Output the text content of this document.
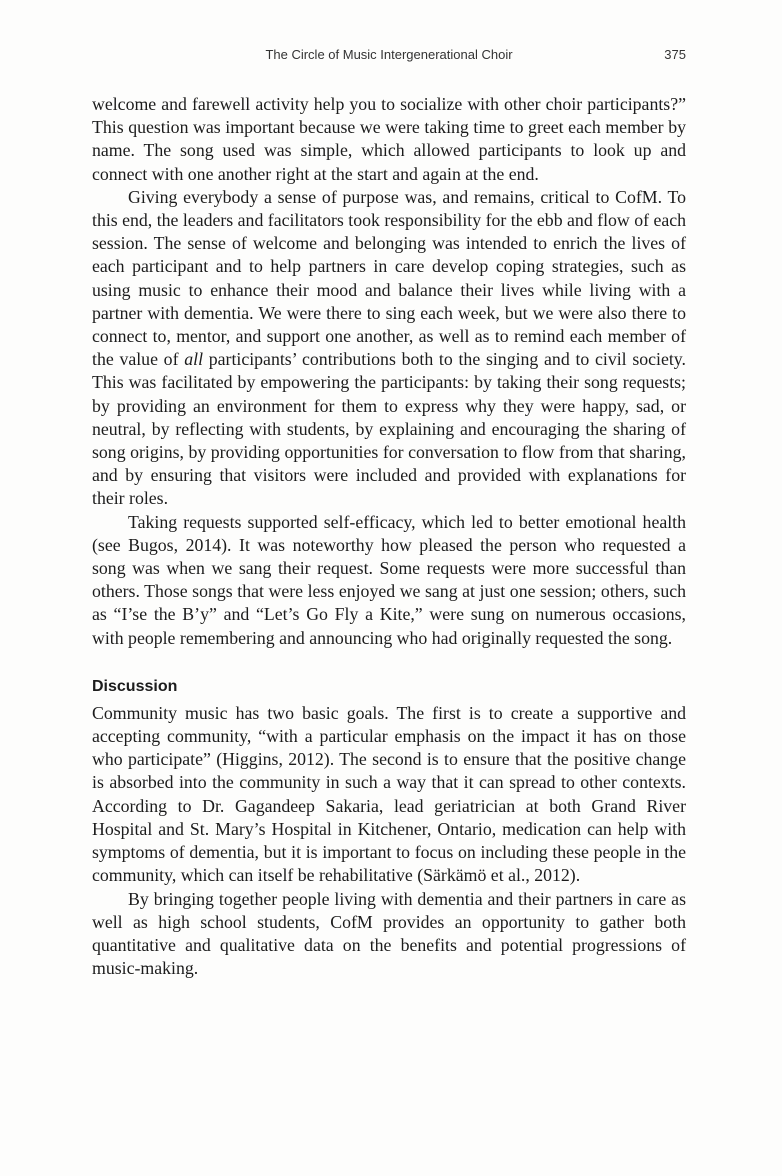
The Circle of Music Intergenerational Choir	375

welcome and farewell activity help you to socialize with other choir participants?” This question was important because we were taking time to greet each member by name. The song used was simple, which allowed participants to look up and connect with one another right at the start and again at the end.

Giving everybody a sense of purpose was, and remains, critical to CofM. To this end, the leaders and facilitators took responsibility for the ebb and flow of each session. The sense of welcome and belonging was intended to enrich the lives of each participant and to help partners in care develop coping strategies, such as using music to enhance their mood and balance their lives while living with a partner with dementia. We were there to sing each week, but we were also there to connect to, mentor, and support one another, as well as to remind each member of the value of all participants’ contributions both to the singing and to civil society. This was facilitated by empowering the participants: by taking their song requests; by providing an environment for them to express why they were happy, sad, or neutral, by reflecting with students, by explaining and encouraging the sharing of song origins, by providing opportunities for conversation to flow from that sharing, and by ensuring that visitors were included and provided with explanations for their roles.

Taking requests supported self-efficacy, which led to better emotional health (see Bugos, 2014). It was noteworthy how pleased the person who requested a song was when we sang their request. Some requests were more successful than others. Those songs that were less enjoyed we sang at just one session; others, such as “I’se the B’y” and “Let’s Go Fly a Kite,” were sung on numerous occasions, with people remembering and announcing who had originally requested the song.

Discussion

Community music has two basic goals. The first is to create a supportive and accepting community, “with a particular emphasis on the impact it has on those who participate” (Higgins, 2012). The second is to ensure that the positive change is absorbed into the community in such a way that it can spread to other contexts. According to Dr. Gagandeep Sakaria, lead geriatrician at both Grand River Hospital and St. Mary’s Hospital in Kitchener, Ontario, medication can help with symptoms of dementia, but it is important to focus on including these people in the community, which can itself be rehabilitative (Särkämö et al., 2012).

By bringing together people living with dementia and their partners in care as well as high school students, CofM provides an opportunity to gather both quantitative and qualitative data on the benefits and potential progressions of music-making.
